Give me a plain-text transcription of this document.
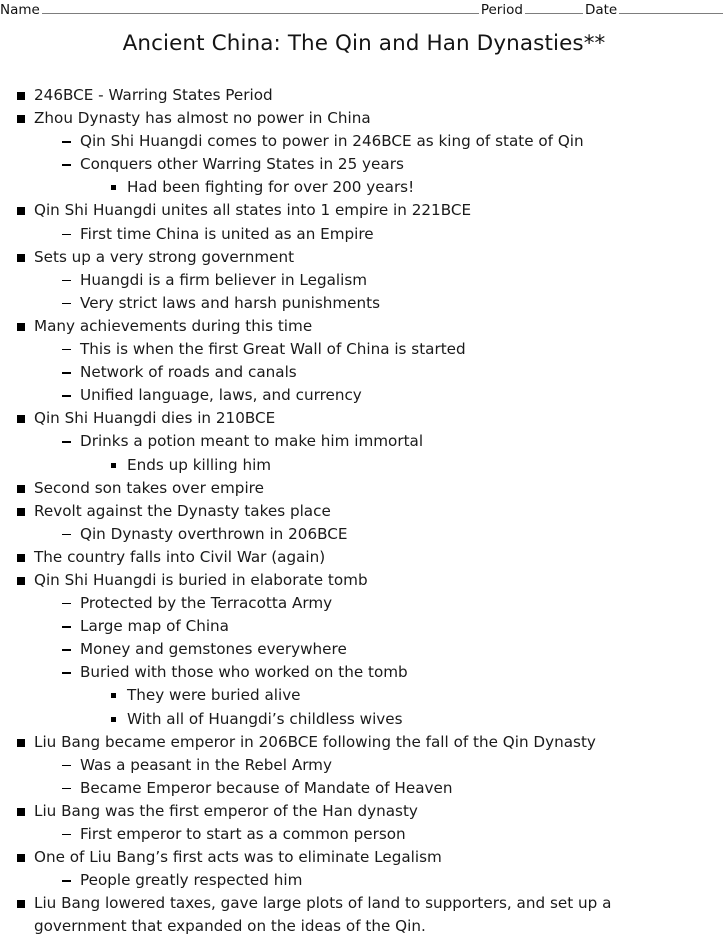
Name	Period	Date
Ancient China: The Qin and Han Dynasties**
246BCE - Warring States Period
Zhou Dynasty has almost no power in China
Qin Shi Huangdi comes to power in 246BCE as king of state of Qin
Conquers other Warring States in 25 years
Had been fighting for over 200 years!
Qin Shi Huangdi unites all states into 1 empire in 221BCE
First time China is united as an Empire
Sets up a very strong government
Huangdi is a firm believer in Legalism
Very strict laws and harsh punishments
Many achievements during this time
This is when the first Great Wall of China is started
Network of roads and canals
Unified language, laws, and currency
Qin Shi Huangdi dies in 210BCE
Drinks a potion meant to make him immortal
Ends up killing him
Second son takes over empire
Revolt against the Dynasty takes place
Qin Dynasty overthrown in 206BCE
The country falls into Civil War (again)
Qin Shi Huangdi is buried in elaborate tomb
Protected by the Terracotta Army
Large map of China
Money and gemstones everywhere
Buried with those who worked on the tomb
They were buried alive
With all of Huangdi’s childless wives
Liu Bang became emperor in 206BCE following the fall of the Qin Dynasty
Was a peasant in the Rebel Army
Became Emperor because of Mandate of Heaven
Liu Bang was the first emperor of the Han dynasty
First emperor to start as a common person
One of Liu Bang’s first acts was to eliminate Legalism
People greatly respected him
Liu Bang lowered taxes, gave large plots of land to supporters, and set up a government that expanded on the ideas of the Qin.
